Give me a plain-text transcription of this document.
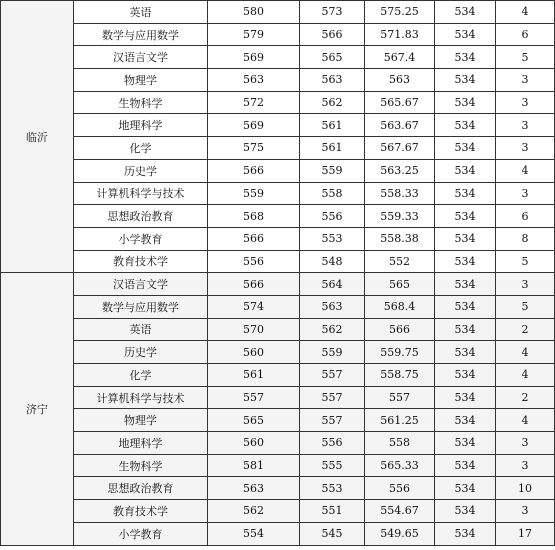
临沂	英语	580	573	575.25	534	4
	数学与应用数学	579	566	571.83	534	6
	汉语言文学	569	565	567.4	534	5
	物理学	563	563	563	534	3
	生物科学	572	562	565.67	534	3
	地理科学	569	561	563.67	534	3
	化学	575	561	567.67	534	3
	历史学	566	559	563.25	534	4
	计算机科学与技术	559	558	558.33	534	3
	思想政治教育	568	556	559.33	534	6
	小学教育	566	553	558.38	534	8
	教育技术学	556	548	552	534	5
济宁	汉语言文学	566	564	565	534	3
	数学与应用数学	574	563	568.4	534	5
	英语	570	562	566	534	2
	历史学	560	559	559.75	534	4
	化学	561	557	558.75	534	4
	计算机科学与技术	557	557	557	534	2
	物理学	565	557	561.25	534	4
	地理科学	560	556	558	534	3
	生物科学	581	555	565.33	534	3
	思想政治教育	563	553	556	534	10
	教育技术学	562	551	554.67	534	3
	小学教育	554	545	549.65	534	17
